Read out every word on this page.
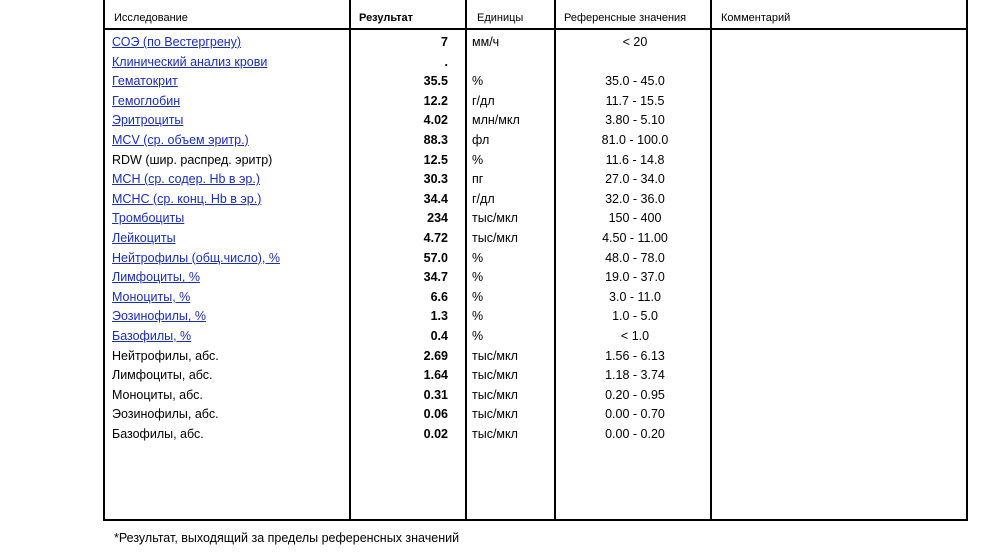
Исследование	Результат	Единицы	Референсные значения	Комментарий
СОЭ (по Вестергрену)	7 мм/ч	< 20
Клинический анализ крови	.
Гематокрит	35.5 %	35.0 - 45.0
Гемоглобин	12.2 г/дл	11.7 - 15.5
Эритроциты	4.02 млн/мкл	3.80 - 5.10
MCV (ср. объем эритр.)	88.3 фл	81.0 - 100.0
RDW (шир. распред. эритр)	12.5 %	11.6 - 14.8
MCH (ср. содер. Hb в эр.)	30.3 пг	27.0 - 34.0
МСНС (ср. конц. Hb в эр.)	34.4 г/дл	32.0 - 36.0
Тромбоциты	234 тыс/мкл	150 - 400
Лейкоциты	4.72 тыс/мкл	4.50 - 11.00
Нейтрофилы (общ.число), %	57.0 %	48.0 - 78.0
Лимфоциты, %	34.7 %	19.0 - 37.0
Моноциты, %	6.6 %	3.0 - 11.0
Эозинофилы, %	1.3 %	1.0 - 5.0
Базофилы, %	0.4 %	< 1.0
Нейтрофилы, абс.	2.69 тыс/мкл	1.56 - 6.13
Лимфоциты, абс.	1.64 тыс/мкл	1.18 - 3.74
Моноциты, абс.	0.31 тыс/мкл	0.20 - 0.95
Эозинофилы, абс.	0.06 тыс/мкл	0.00 - 0.70
Базофилы, абс.	0.02 тыс/мкл	0.00 - 0.20
*Результат, выходящий за пределы референсных значений
